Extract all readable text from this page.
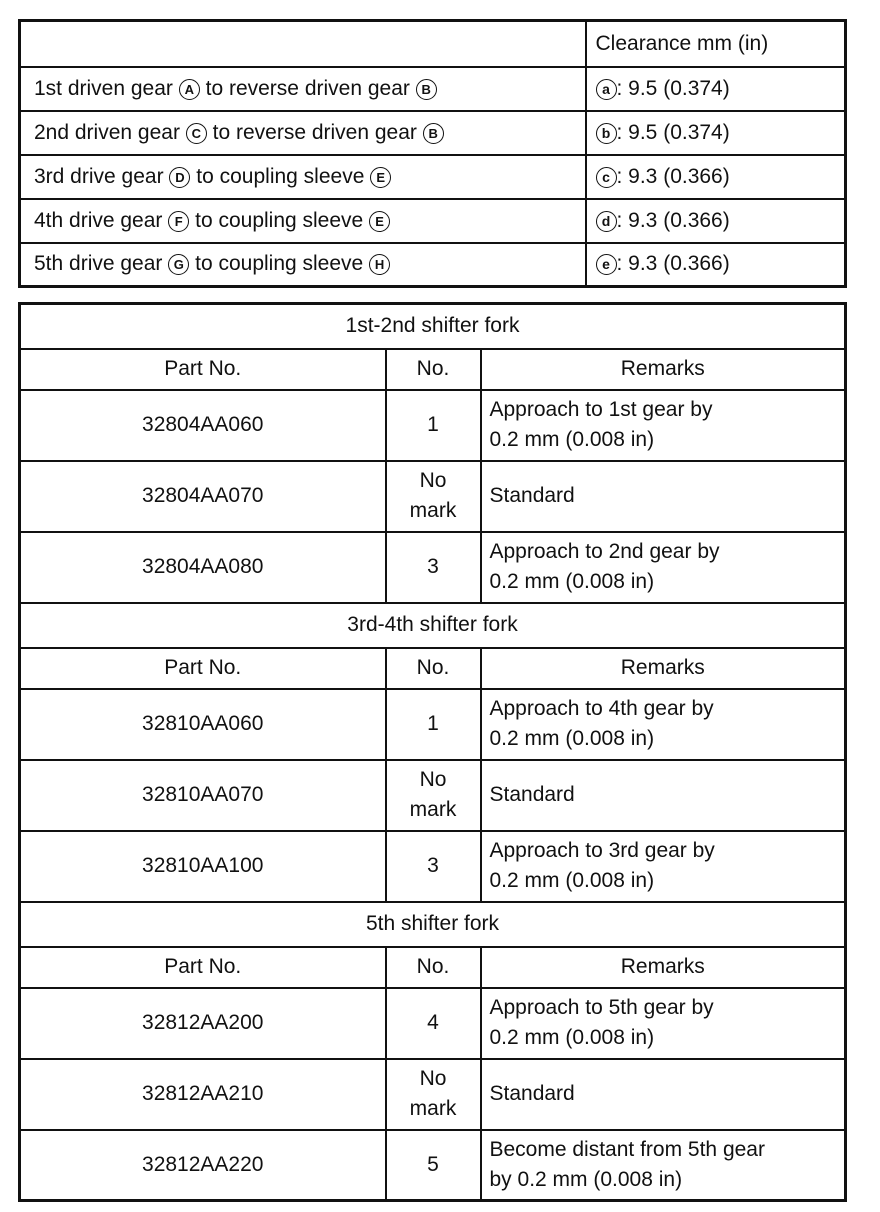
	Clearance mm (in)
1st driven gear A to reverse driven gear B	a : 9.5 (0.374)
2nd driven gear C to reverse driven gear B	b : 9.5 (0.374)
3rd drive gear D to coupling sleeve E	c : 9.3 (0.366)
4th drive gear F to coupling sleeve E	d : 9.3 (0.366)
5th drive gear G to coupling sleeve H	e : 9.3 (0.366)
1st-2nd shifter fork		
Part No.	No.	Remarks
32804AA060	1	Approach to 1st gear by
0.2 mm (0.008 in)

32804AA070	No
mark	Standard

32804AA080	3	Approach to 2nd gear by
0.2 mm (0.008 in)

3rd-4th shifter fork		
Part No.	No.	Remarks
32810AA060	1	Approach to 4th gear by
0.2 mm (0.008 in)

32810AA070	No
mark	Standard

32810AA100	3	Approach to 3rd gear by
0.2 mm (0.008 in)

5th shifter fork		
Part No.	No.	Remarks
32812AA200	4	Approach to 5th gear by
0.2 mm (0.008 in)

32812AA210	No
mark	Standard

32812AA220	5	Become distant from 5th gear
by 0.2 mm (0.008 in)
